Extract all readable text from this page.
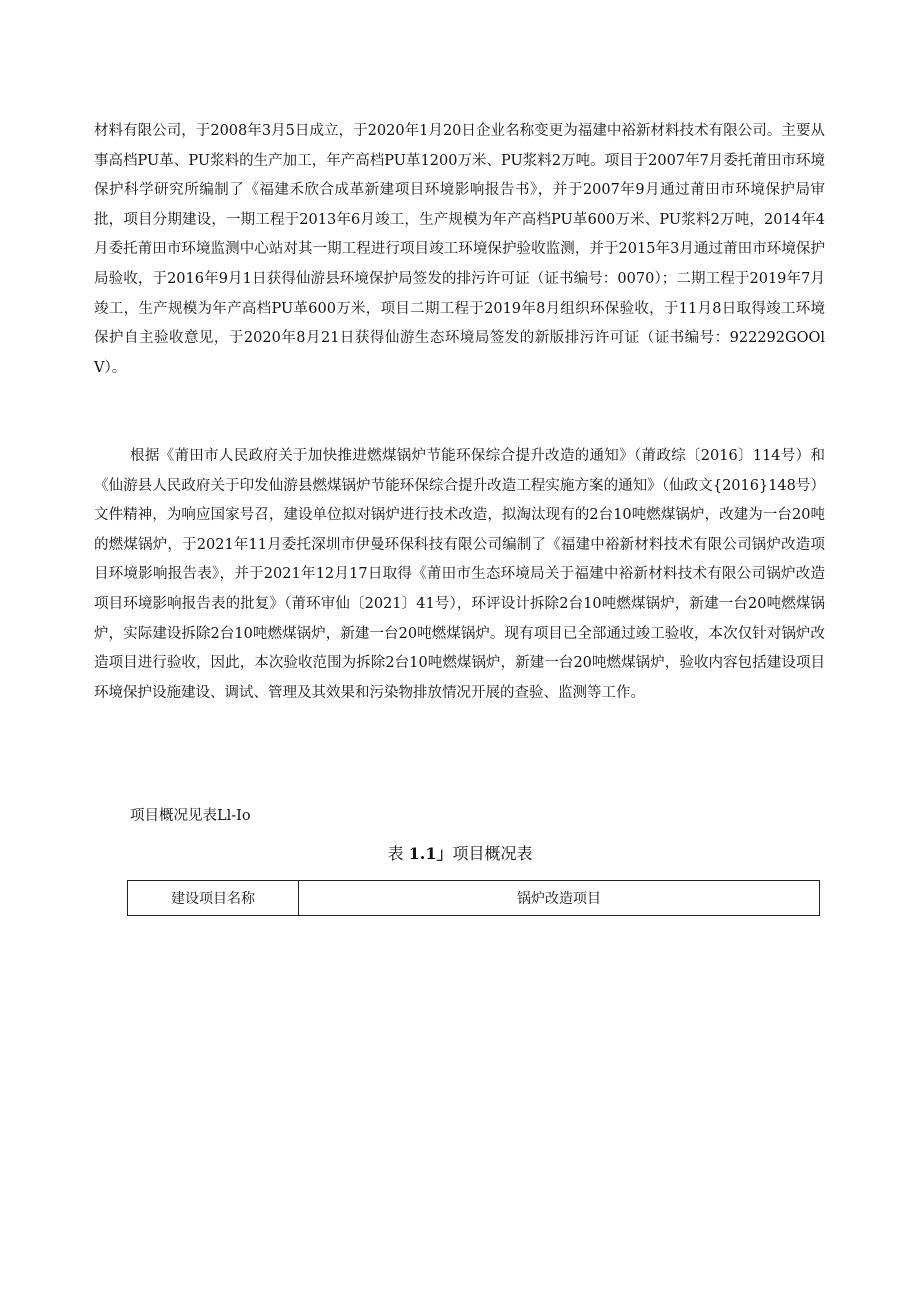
材料有限公司，于2008年3月5日成立，于2020年1月20日企业名称变更为福建中裕新材料技术有限公司。主要从事高档PU革、PU浆料的生产加工，年产高档PU革1200万米、PU浆料2万吨。项目于2007年7月委托莆田市环境保护科学研究所编制了《福建禾欣合成革新建项目环境影响报告书》，并于2007年9月通过莆田市环境保护局审批，项目分期建设，一期工程于2013年6月竣工，生产规模为年产高档PU革600万米、PU浆料2万吨，2014年4月委托莆田市环境监测中心站对其一期工程进行项目竣工环境保护验收监测，并于2015年3月通过莆田市环境保护局验收，于2016年9月1日获得仙游县环境保护局签发的排污许可证（证书编号：0070）；二期工程于2019年7月竣工，生产规模为年产高档PU革600万米，项目二期工程于2019年8月组织环保验收，于11月8日取得竣工环境保护自主验收意见，于2020年8月21日获得仙游生态环境局签发的新版排污许可证（证书编号：922292GOOlV）。

根据《莆田市人民政府关于加快推进燃煤锅炉节能环保综合提升改造的通知》（莆政综〔2016〕114号）和《仙游县人民政府关于印发仙游县燃煤锅炉节能环保综合提升改造工程实施方案的通知》（仙政文{2016}148号）文件精神，为响应国家号召，建设单位拟对锅炉进行技术改造，拟淘汰现有的2台10吨燃煤锅炉，改建为一台20吨的燃煤锅炉，于2021年11月委托深圳市伊曼环保科技有限公司编制了《福建中裕新材料技术有限公司锅炉改造项目环境影响报告表》，并于2021年12月17日取得《莆田市生态环境局关于福建中裕新材料技术有限公司锅炉改造项目环境影响报告表的批复》（莆环审仙〔2021〕41号），环评设计拆除2台10吨燃煤锅炉，新建一台20吨燃煤锅炉，实际建设拆除2台10吨燃煤锅炉，新建一台20吨燃煤锅炉。现有项目已全部通过竣工验收，本次仅针对锅炉改造项目进行验收，因此，本次验收范围为拆除2台10吨燃煤锅炉，新建一台20吨燃煤锅炉，验收内容包括建设项目环境保护设施建设、调试、管理及其效果和污染物排放情况开展的查验、监测等工作。

项目概况见表Ll-Io

表 1.1」项目概况表
建设项目名称	锅炉改造项目
